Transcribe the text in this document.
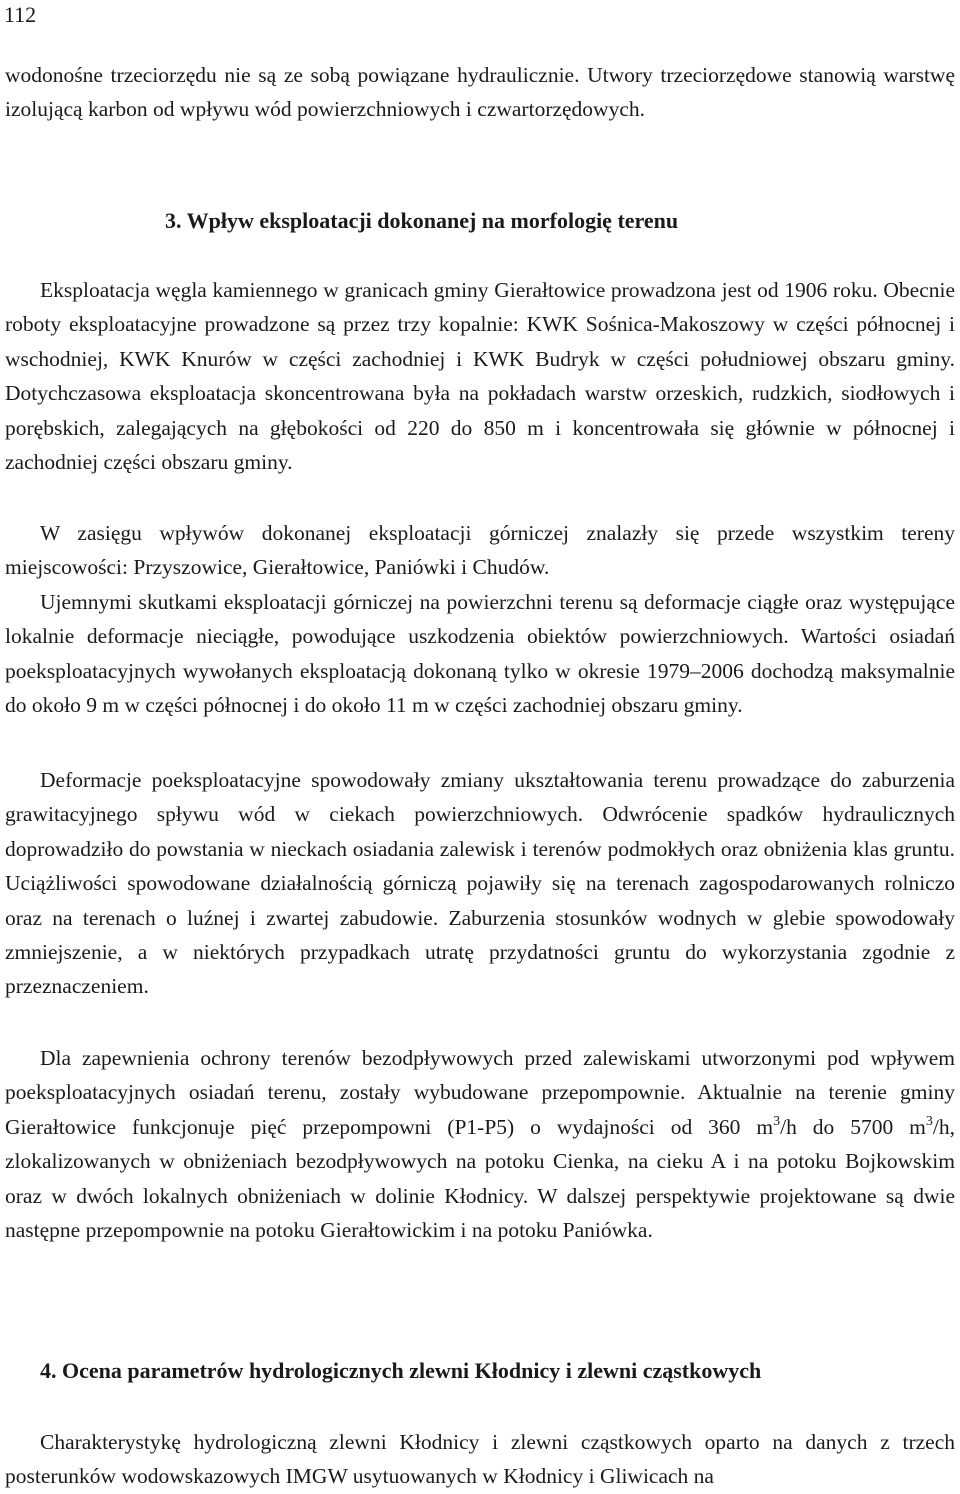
112

wodonośne trzeciorzędu nie są ze sobą powiązane hydraulicznie. Utwory trzeciorzędowe stanowią warstwę izolującą karbon od wpływu wód powierzchniowych i czwartorzędowych.

3. Wpływ eksploatacji dokonanej na morfologię terenu

Eksploatacja węgla kamiennego w granicach gminy Gierałtowice prowadzona jest od 1906 roku. Obecnie roboty eksploatacyjne prowadzone są przez trzy kopalnie: KWK Sośnica-Makoszowy w części północnej i wschodniej, KWK Knurów w części zachodniej i KWK Budryk w części południowej obszaru gminy. Dotychczasowa eksploatacja skoncentrowana była na pokładach warstw orzeskich, rudzkich, siodłowych i porębskich, zalegających na głębokości od 220 do 850 m i koncentrowała się głównie w północnej i zachodniej części obszaru gminy.

W zasięgu wpływów dokonanej eksploatacji górniczej znalazły się przede wszystkim tereny miejscowości: Przyszowice, Gierałtowice, Paniówki i Chudów.

Ujemnymi skutkami eksploatacji górniczej na powierzchni terenu są deformacje ciągłe oraz występujące lokalnie deformacje nieciągłe, powodujące uszkodzenia obiektów powierzchniowych. Wartości osiadań poeksploatacyjnych wywołanych eksploatacją dokonaną tylko w okresie 1979–2006 dochodzą maksymalnie do około 9 m w części północnej i do około 11 m w części zachodniej obszaru gminy.

Deformacje poeksploatacyjne spowodowały zmiany ukształtowania terenu prowadzące do zaburzenia grawitacyjnego spływu wód w ciekach powierzchniowych. Odwrócenie spadków hydraulicznych doprowadziło do powstania w nieckach osiadania zalewisk i terenów podmokłych oraz obniżenia klas gruntu. Uciążliwości spowodowane działalnością górniczą pojawiły się na terenach zagospodarowanych rolniczo oraz na terenach o luźnej i zwartej zabudowie. Zaburzenia stosunków wodnych w glebie spowodowały zmniejszenie, a w niektórych przypadkach utratę przydatności gruntu do wykorzystania zgodnie z przeznaczeniem.

Dla zapewnienia ochrony terenów bezodpływowych przed zalewiskami utworzonymi pod wpływem poeksploatacyjnych osiadań terenu, zostały wybudowane przepompownie. Aktualnie na terenie gminy Gierałtowice funkcjonuje pięć przepompowni (P1-P5) o wydajności od 360 $m^3/h$ do 5700 $m^3/h$, zlokalizowanych w obniżeniach bezodpływowych na potoku Cienka, na cieku A i na potoku Bojkowskim oraz w dwóch lokalnych obniżeniach w dolinie Kłodnicy. W dalszej perspektywie projektowane są dwie następne przepompownie na potoku Gierałtowickim i na potoku Paniówka.

4. Ocena parametrów hydrologicznych zlewni Kłodnicy i zlewni cząstkowych

Charakterystykę hydrologiczną zlewni Kłodnicy i zlewni cząstkowych oparto na danych z trzech posterunków wodowskazowych IMGW usytuowanych w Kłodnicy i Gliwicach na
